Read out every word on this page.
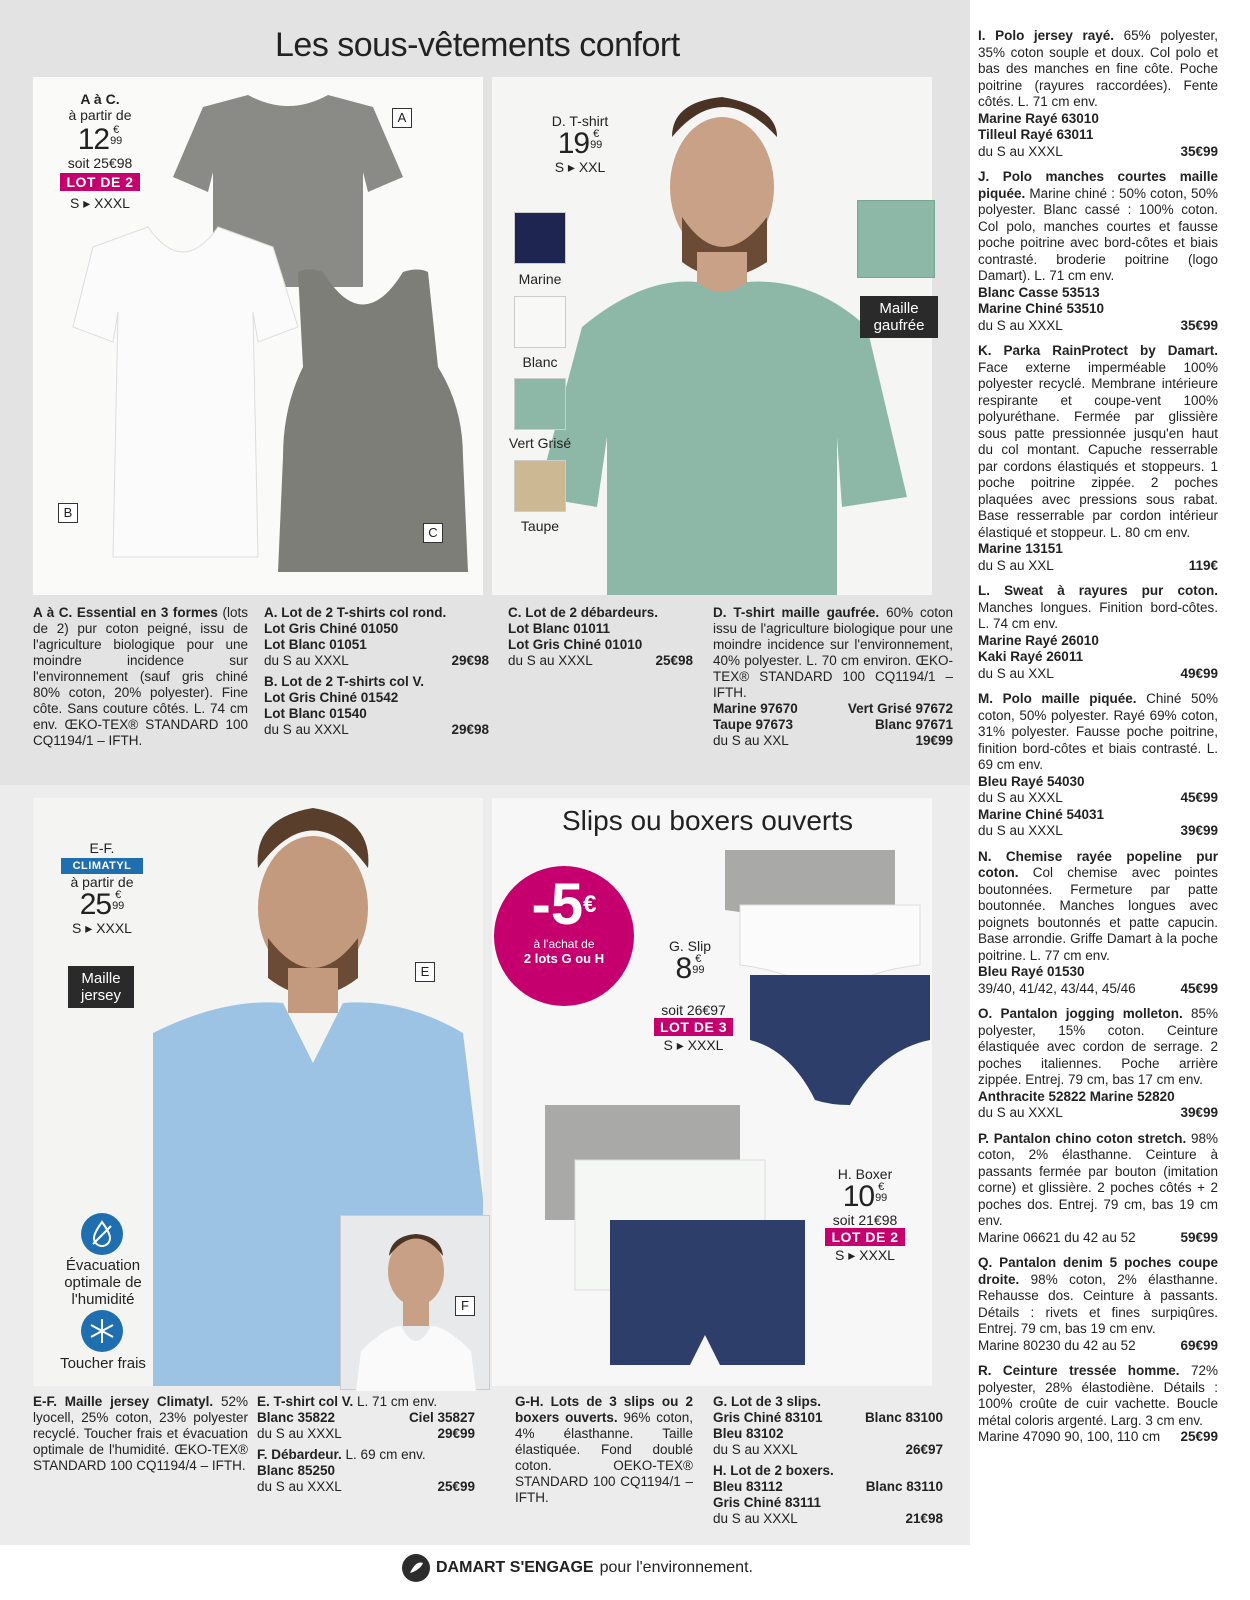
Les sous-vêtements confort
A
B
C
A à C.
à partir de
12 €
99
soit 25€98
LOT DE 2
S ▸ XXXL
D. T-shirt
19 €
99
S ▸ XXL
Marine
Blanc
Vert Grisé
Taupe
Maille gaufrée
A à C. Essential en 3 formes (lots de 2) pur coton peigné, issu de l'agriculture biologique pour une moindre incidence sur l'environnement (sauf gris chiné 80% coton, 20% polyester). Fine côte. Sans couture côtés. L. 74 cm env. ŒKO-TEX® STANDARD 100 CQ1194/1 – IFTH.
A. Lot de 2 T-shirts col rond.
Lot Gris Chiné 01050
Lot Blanc 01051
du S au XXXL	29€98
B. Lot de 2 T-shirts col V.
Lot Gris Chiné 01542
Lot Blanc 01540
du S au XXXL	29€98
C. Lot de 2 débardeurs.
Lot Blanc 01011
Lot Gris Chiné 01010
du S au XXXL	25€98
D. T-shirt maille gaufrée. 60% coton issu de l'agriculture biologique pour une moindre incidence sur l'environnement, 40% polyester. L. 70 cm environ. ŒKO-TEX® STANDARD 100 CQ1194/1 – IFTH.
Marine 97670	Vert Grisé 97672
Taupe 97673	Blanc 97671
du S au XXL	19€99
E
F
E-F.
CLIMATYL
à partir de
25 €
99
S ▸ XXXL
Maille jersey
Évacuation optimale de l'humidité
Toucher frais
Slips ou boxers ouverts
-5€
à l'achat de
2 lots G ou H
G. Slip
8 €
99
soit 26€97
LOT DE 3
S ▸ XXXL
H. Boxer
10 €
99
soit 21€98
LOT DE 2
S ▸ XXXL
E-F. Maille jersey Climatyl. 52% lyocell, 25% coton, 23% polyester recyclé. Toucher frais et évacuation optimale de l'humidité. ŒKO-TEX® STANDARD 100 CQ1194/4 – IFTH.
E. T-shirt col V. L. 71 cm env.
Blanc 35822	Ciel 35827
du S au XXXL	29€99
F. Débardeur. L. 69 cm env.
Blanc 85250
du S au XXXL	25€99
G-H. Lots de 3 slips ou 2 boxers ouverts. 96% coton, 4% élasthanne. Taille élastiquée. Fond doublé coton. OEKO-TEX® STANDARD 100 CQ1194/1 – IFTH.
G. Lot de 3 slips.
Gris Chiné 83101	Blanc 83100
Bleu 83102
du S au XXXL	26€97
H. Lot de 2 boxers.
Bleu 83112	Blanc 83110
Gris Chiné 83111
du S au XXXL	21€98
DAMART S'ENGAGE pour l'environnement.
I. Polo jersey rayé. 65% polyester, 35% coton souple et doux. Col polo et bas des manches en fine côte. Poche poitrine (rayures raccordées). Fente côtés. L. 71 cm env.
Marine Rayé 63010
Tilleul Rayé 63011
du S au XXXL	35€99
J. Polo manches courtes maille piquée. Marine chiné : 50% coton, 50% polyester. Blanc cassé : 100% coton. Col polo, manches courtes et fausse poche poitrine avec bord-côtes et biais contrasté. broderie poitrine (logo Damart). L. 71 cm env.
Blanc Casse 53513
Marine Chiné 53510
du S au XXXL	35€99
K. Parka RainProtect by Damart. Face externe imperméable 100% polyester recyclé. Membrane intérieure respirante et coupe-vent 100% polyuréthane. Fermée par glissière sous patte pressionnée jusqu'en haut du col montant. Capuche resserrable par cordons élastiqués et stoppeurs. 1 poche poitrine zippée. 2 poches plaquées avec pressions sous rabat. Base resserrable par cordon intérieur élastiqué et stoppeur. L. 80 cm env.
Marine 13151
du S au XXL	119€
L. Sweat à rayures pur coton. Manches longues. Finition bord-côtes. L. 74 cm env.
Marine Rayé 26010
Kaki Rayé 26011
du S au XXL	49€99
M. Polo maille piquée. Chiné 50% coton, 50% polyester. Rayé 69% coton, 31% polyester. Fausse poche poitrine, finition bord-côtes et biais contrasté. L. 69 cm env.
Bleu Rayé 54030
du S au XXXL	45€99
Marine Chiné 54031
du S au XXXL	39€99
N. Chemise rayée popeline pur coton. Col chemise avec pointes boutonnées. Fermeture par patte boutonnée. Manches longues avec poignets boutonnés et patte capucin. Base arrondie. Griffe Damart à la poche poitrine. L. 77 cm env.
Bleu Rayé 01530
39/40, 41/42, 43/44, 45/46	45€99
O. Pantalon jogging molleton. 85% polyester, 15% coton. Ceinture élastiquée avec cordon de serrage. 2 poches italiennes. Poche arrière zippée. Entrej. 79 cm, bas 17 cm env.
Anthracite 52822 Marine 52820
du S au XXXL	39€99
P. Pantalon chino coton stretch. 98% coton, 2% élasthanne. Ceinture à passants fermée par bouton (imitation corne) et glissière. 2 poches côtés + 2 poches dos. Entrej. 79 cm, bas 19 cm env.
Marine 06621 du 42 au 52	59€99
Q. Pantalon denim 5 poches coupe droite. 98% coton, 2% élasthanne. Rehausse dos. Ceinture à passants. Détails : rivets et fines surpiqûres. Entrej. 79 cm, bas 19 cm env.
Marine 80230 du 42 au 52	69€99
R. Ceinture tressée homme. 72% polyester, 28% élastodiène. Détails : 100% croûte de cuir vachette. Boucle métal coloris argenté. Larg. 3 cm env.
Marine 47090 90, 100, 110 cm 25€99
